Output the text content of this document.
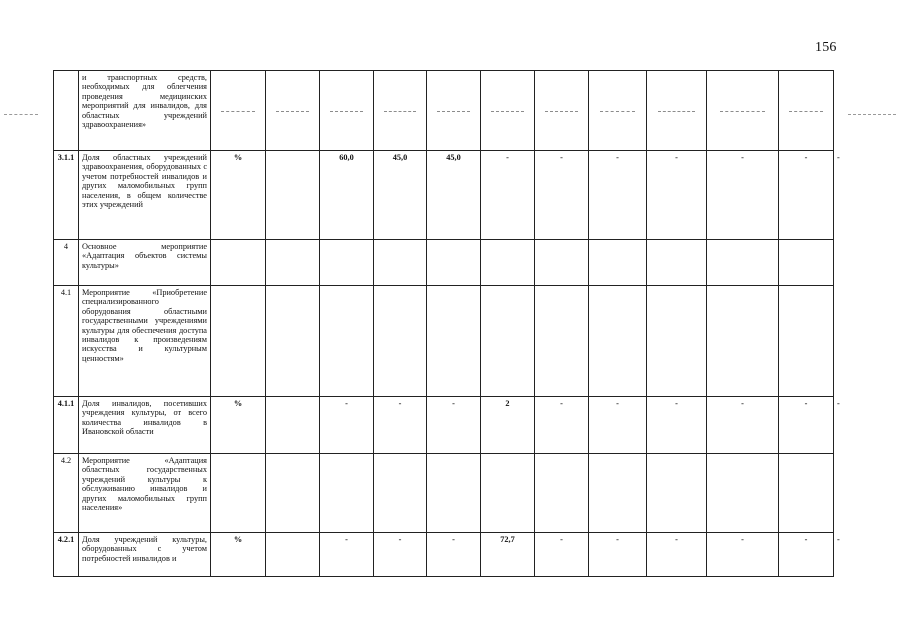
156
	и транспортных средств, необходимых для облегчения проведения медицинских мероприятий для инвалидов, для областных учреждений здравоохранения»		

3.1.1	Доля областных учреждений здравоохранения, оборудованных с учетом потребностей инвалидов и других маломобильных групп населения, в общем количестве этих учреждений	%		60,0	45,0	45,0	-	-	-	-	-	-	-
4	Основное мероприятие «Адаптация объектов системы культуры»												
4.1	Мероприятие «Приобретение специализированного оборудования областными государственными учреждениями культуры для обеспечения доступа инвалидов к произведениям искусства и культурным ценностям»												
4.1.1	Доля инвалидов, посетивших учреждения культуры, от всего количества инвалидов в Ивановской области	%		-	-	-	2	-	-	-	-	-	-
4.2	Мероприятие «Адаптация областных государственных учреждений культуры к обслуживанию инвалидов и других маломобильных групп населения»												
4.2.1	Доля учреждений культуры, оборудованных с учетом потребностей инвалидов и	%		-	-	-	72,7	-	-	-	-	-	-
